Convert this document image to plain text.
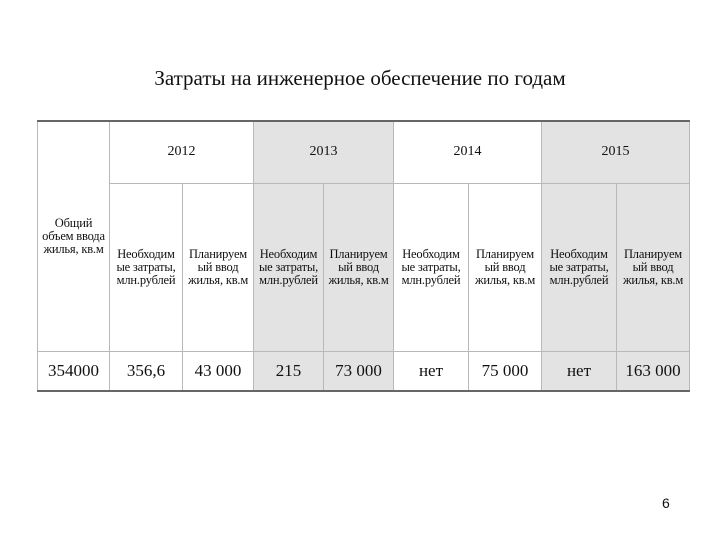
Затраты на инженерное обеспечение по годам
Общий объем ввода жилья, кв.м	2012		2013		2014		2015	

	Необходим ые затраты, млн.рублей	Планируем ый ввод жилья, кв.м	Необходим ые затраты, млн.рублей	Планируем ый ввод жилья, кв.м	Необходим ые затраты, млн.рублей	Планируем ый ввод жилья, кв.м	Необходим ые затраты, млн.рублей	Планируем ый ввод жилья, кв.м

354000	356,6	43 000	215	73 000	нет	75 000	нет	163 000
6
